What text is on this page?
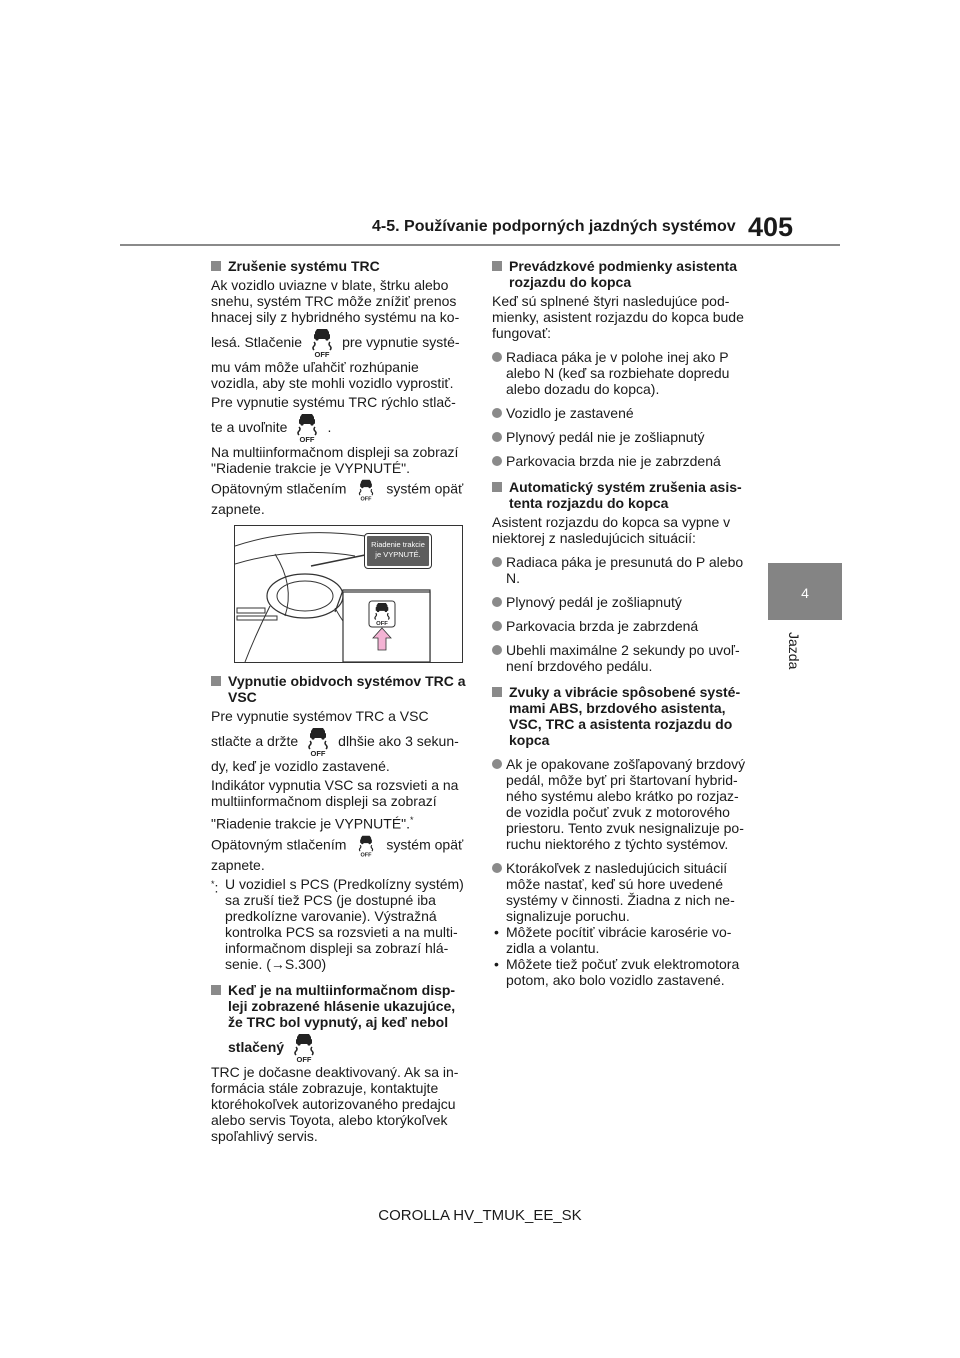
4-5. Používanie podporných jazdných systémov 405
4
Jazda

Zrušenie systému TRC

Ak vozidlo uviazne v blate, štrku alebo snehu, systém TRC môže znížiť prenos hnacej sily z hybridného systému na ko-

lesá. Stlačenie	pre vypnutie systé-

mu vám môže uľahčiť rozhúpanie vozidla, aby ste mohli vozidlo vyprostiť.

Pre vypnutie systému TRC rýchlo stlač-

te a uvoľnite	.

Na multiinformačnom displeji sa zobrazí "Riadenie trakcie je VYPNUTÉ".

Opätovným stlačením	systém opäť zapnete.

Riadenie trakcie
je VYPNUTÉ.

Vypnutie obidvoch systémov TRC a VSC

Pre vypnutie systémov TRC a VSC

stlačte a držte	dlhšie ako 3 sekun-

dy, keď je vozidlo zastavené.

Indikátor vypnutia VSC sa rozsvieti a na multiinformačnom displeji sa zobrazí

"Riadenie trakcie je VYPNUTÉ".*

Opätovným stlačením	systém opäť zapnete.

*: U vozidiel s PCS (Predkolízny systém) sa zruší tiež PCS (je dostupné iba predkolízne varovanie). Výstražná kontrolka PCS sa rozsvieti a na multi- informačnom displeji sa zobrazí hlá- senie. (→S.300)

Keď je na multiinformačnom disp- leji zobrazené hlásenie ukazujúce, že TRC bol vypnutý, aj keď nebol

stlačený

TRC je dočasne deaktivovaný. Ak sa in- formácia stále zobrazuje, kontaktujte ktoréhokoľvek autorizovaného predajcu alebo servis Toyota, alebo ktorýkoľvek spoľahlivý servis.

Prevádzkové podmienky asistenta rozjazdu do kopca

Keď sú splnené štyri nasledujúce pod- mienky, asistent rozjazdu do kopca bude fungovať:

Radiaca páka je v polohe inej ako P alebo N (keď sa rozbiehate dopredu alebo dozadu do kopca).

Vozidlo je zastavené

Plynový pedál nie je zošliapnutý

Parkovacia brzda nie je zabrzdená

Automatický systém zrušenia asis- tenta rozjazdu do kopca

Asistent rozjazdu do kopca sa vypne v niektorej z nasledujúcich situácií:

Radiaca páka je presunutá do P alebo N.

Plynový pedál je zošliapnutý

Parkovacia brzda je zabrzdená

Ubehli maximálne 2 sekundy po uvoľ- není brzdového pedálu.

Zvuky a vibrácie spôsobené systé- mami ABS, brzdového asistenta, VSC, TRC a asistenta rozjazdu do kopca

Ak je opakovane zošľapovaný brzdový pedál, môže byť pri štartovaní hybrid- ného systému alebo krátko po rozjaz- de vozidla počuť zvuk z motorového priestoru. Tento zvuk nesignalizuje po- ruchu niektorého z týchto systémov.

Ktorákoľvek z nasledujúcich situácií môže nastať, keď sú hore uvedené systémy v činnosti. Žiadna z nich ne- signalizuje poruchu.

• Môžete pocítiť vibrácie karosérie vo- zidla a volantu.

• Môžete tiež počuť zvuk elektromotora potom, ako bolo vozidlo zastavené.

COROLLA HV_TMUK_EE_SK
